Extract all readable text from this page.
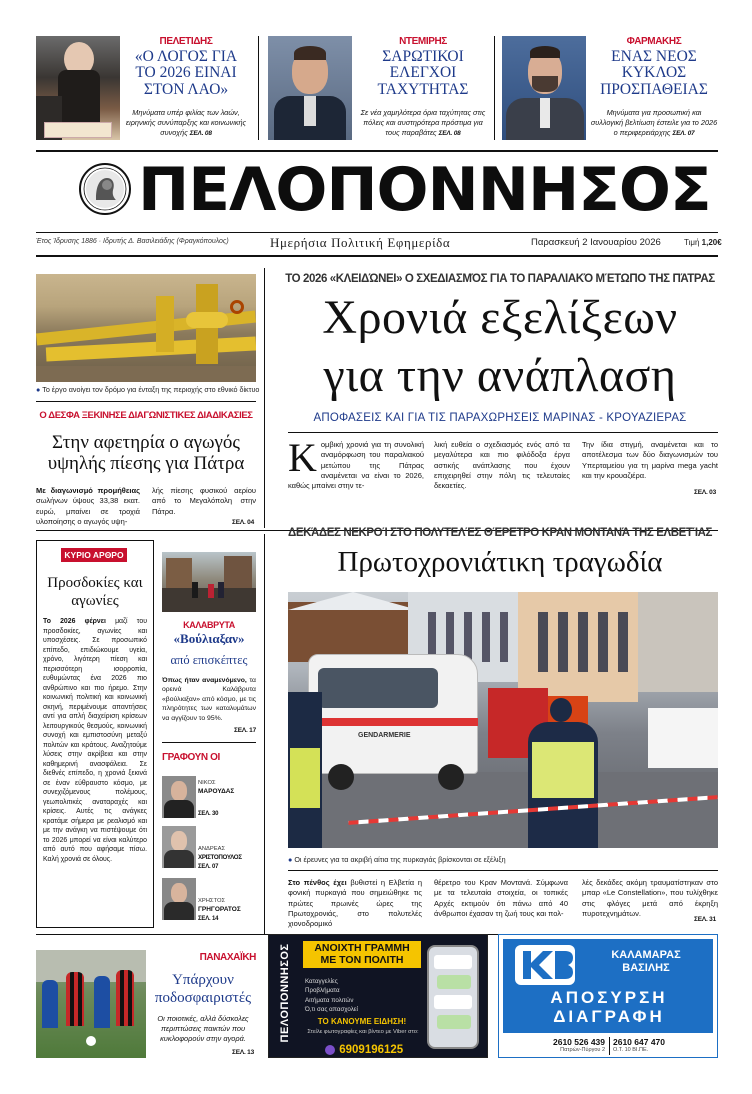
ΠΕΛΕΤΙΔΗΣ
«Ο ΛΟΓΟΣ ΓΙΑ ΤΟ 2026 ΕΙΝΑΙ ΣΤΟΝ ΛΑΟ»
Μηνύματα υπέρ φιλίας των λαών, ειρηνικής συνύπαρξης και κοινωνικής συνοχής ΣΕΛ. 08
ΝΤΕΜΙΡΗΣ
ΣΑΡΩΤΙΚΟΙ ΕΛΕΓΧΟΙ ΤΑΧΥΤΗΤΑΣ
Σε νέα χαμηλότερα όρια ταχύτητας στις πόλεις και αυστηρότερα πρόστιμα για τους παραβάτες ΣΕΛ. 08
ΦΑΡΜΑΚΗΣ
ΕΝΑΣ ΝΕΟΣ ΚΥΚΛΟΣ ΠΡΟΣΠΑΘΕΙΑΣ
Μηνύματα για προσωπική και συλλογική βελτίωση έστειλε για το 2026 ο περιφερειάρχης ΣΕΛ. 07
ΠΕΛΟΠΟΝΝΗΣΟΣ
Έτος Ίδρυσης 1886 · Ιδρυτής Δ. Βασιλειάδης (Φραγκόπουλος)	Ημερήσια Πολιτική Εφημερίδα	Παρασκευή 2 Ιανουαρίου 2026	Τιμή 1,20€
● Το έργο ανοίγει τον δρόμο για ένταξη της περιοχής στο εθνικό δίκτυο
Ο ΔΕΣΦΑ ΞΕΚΙΝΗΣΕ ΔΙΑΓΩΝΙΣΤΙΚΕΣ ΔΙΑΔΙΚΑΣΙΕΣ
Στην αφετηρία ο αγωγός υψηλής πίεσης για Πάτρα
Με διαγωνισμό προμήθειας σωλήνων ύψους 33,38 εκατ. ευρώ, μπαίνει σε τροχιά υλοποίησης ο αγωγός υψη-
λής πίεσης φυσικού αερίου από το Μεγαλόπολη στην Πάτρα.
ΣΕΛ. 04
ΤΟ 2026 «ΚΛΕΙΔΏΝΕΙ» Ο ΣΧΕΔΙΑΣΜΌΣ ΓΙΑ ΤΟ ΠΑΡΑΛΙΑΚΌ ΜΈΤΩΠΟ ΤΗΣ ΠΆΤΡΑΣ
Χρονιά εξελίξεων
για την ανάπλαση
ΑΠΟΦΑΣΕΙΣ ΚΑΙ ΓΙΑ ΤΙΣ ΠΑΡΑΧΩΡΗΣΕΙΣ ΜΑΡΙΝΑΣ - ΚΡΟΥΑΖΙΕΡΑΣ
Κ ομβική χρονιά για τη συνολική αναμόρφωση του παραλιακού μετώπου της Πάτρας αναμένεται να είναι το 2026, καθώς μπαίνει στην τε-
λική ευθεία ο σχεδιασμός ενός από τα μεγαλύτερα και πιο φιλόδοξα έργα αστικής ανάπλασης που έχουν επιχειρηθεί στην πόλη τις τελευταίες δεκαετίες.
Την ίδια στιγμή, αναμένεται και το αποτέλεσμα των δύο διαγωνισμών του Υπερταμείου για τη μαρίνα mega yacht και την κρουαζιέρα.
ΣΕΛ. 03
ΚΥΡΙΟ ΑΡΘΡΟ
Προσδοκίες και αγωνίες
Το 2026 φέρνει μαζί του προσδοκίες, αγωνίες και υποσχέσεις. Σε προσωπικό επίπεδο, επιδιώκουμε υγεία, χρόνο, λιγότερη πίεση και περισσότερη ισορροπία, ευθυμώντας ένα 2026 πιο ανθρώπινο και πιο ήρεμο. Στην κοινωνική πολιτική και κοινωνική σκηνή, περιμένουμε απαντήσεις αντί για απλή διαχείριση κρίσεων λειτουργικούς θεσμούς, κοινωνική συνοχή και εμπιστοσύνη μεταξύ πολιτών και κράτους. Αναζητούμε λύσεις στην ακρίβεια και στην καθημερινή ανασφάλεια. Σε διεθνές επίπεδο, η χρονιά ξεκινά σε έναν εύθραυστο κόσμο, με συνεχιζόμενους πολέμους, γεωπολιτικές αναταραχές και κρίσεις. Αυτές τις ανάγκες κρατάμε σήμερα με ρεαλισμό και με την ανάγκη να πιστέψουμε ότι το 2026 μπορεί να είναι καλύτερο από αυτό που αφήσαμε πίσω. Καλή χρονιά σε όλους.
ΚΑΛΑΒΡΥΤΑ
«Βούλιαξαν»
από επισκέπτες
Όπως ήταν αναμενόμενο, τα ορεινά Καλάβρυτα «βούλιαξαν» από κόσμο, με τις πληρότητες των καταλυμάτων να αγγίζουν το 95%.
ΣΕΛ. 17
ΓΡΑΦΟΥΝ ΟΙ
ΝΙΚΟΣ
ΜΑΡΟΥΔΑΣ
ΣΕΛ. 30
ΑΝΔΡΕΑΣ
ΧΡΙΣΤΟΠΟΥΛΟΣ
ΣΕΛ. 07
ΧΡΗΣΤΟΣ
ΓΡΗΓΟΡΑΤΟΣ
ΣΕΛ. 14
ΔΕΚΆΔΕΣ ΝΕΚΡΟΊ ΣΤΟ ΠΟΛΥΤΕΛΈΣ ΘΈΡΕΤΡΟ ΚΡΑΝ ΜΟΝΤΑΝΆ ΤΗΣ ΕΛΒΕΤΊΑΣ
Πρωτοχρονιάτικη τραγωδία
GENDARMERIE
● Οι έρευνες για τα ακριβή αίτια της πυρκαγιάς βρίσκονται σε εξέλιξη
Στο πένθος έχει βυθιστεί η Ελβετία η φονική πυρκαγιά που σημειώθηκε τις πρώτες πρωινές ώρες της Πρωτοχρονιάς, στο πολυτελές χιονοδρομικό
θέρετρο του Κραν Μοντανά. Σύμφωνα με τα τελευταία στοιχεία, οι τοπικές Αρχές εκτιμούν ότι πάνω από 40 άνθρωποι έχασαν τη ζωή τους και πολ-
λές δεκάδες ακόμη τραυματίστηκαν στο μπαρ «Le Constellation», που τυλίχθηκε στις φλόγες μετά από έκρηξη πυροτεχνημάτων.
ΣΕΛ. 31
ΠΑΝΑΧΑΪΚΗ
Υπάρχουν ποδοσφαιριστές
Οι ποιοτικές, αλλά δύσκολες περιπτώσεις παικτών που κυκλοφορούν στην αγορά.
ΣΕΛ. 13
ΠΕΛΟΠΟΝΝΗΣΟΣ	ΑΝΟΙΧΤΗ ΓΡΑΜΜΗ
ΜΕ ΤΟΝ ΠΟΛΙΤΗ
Καταγγελίες
Προβλήματα
Αιτήματα πολιτών
Ό,τι σας απασχολεί
ΤΟ ΚΑΝΟΥΜΕ ΕΙΔΗΣΗ!
Στείλε φωτογραφίες και βίντεο με Viber στο:
6909196125
ΚΑΛΑΜΑΡΑΣ
ΒΑΣΙΛΗΣ
ΑΠΟΣΥΡΣΗ
ΔΙΑΓΡΑΦΗ
2610 526 439
Πατρών-Πύργου 2
2610 647 470
Ο.Τ. 10 ΒΙ.ΠΕ.
